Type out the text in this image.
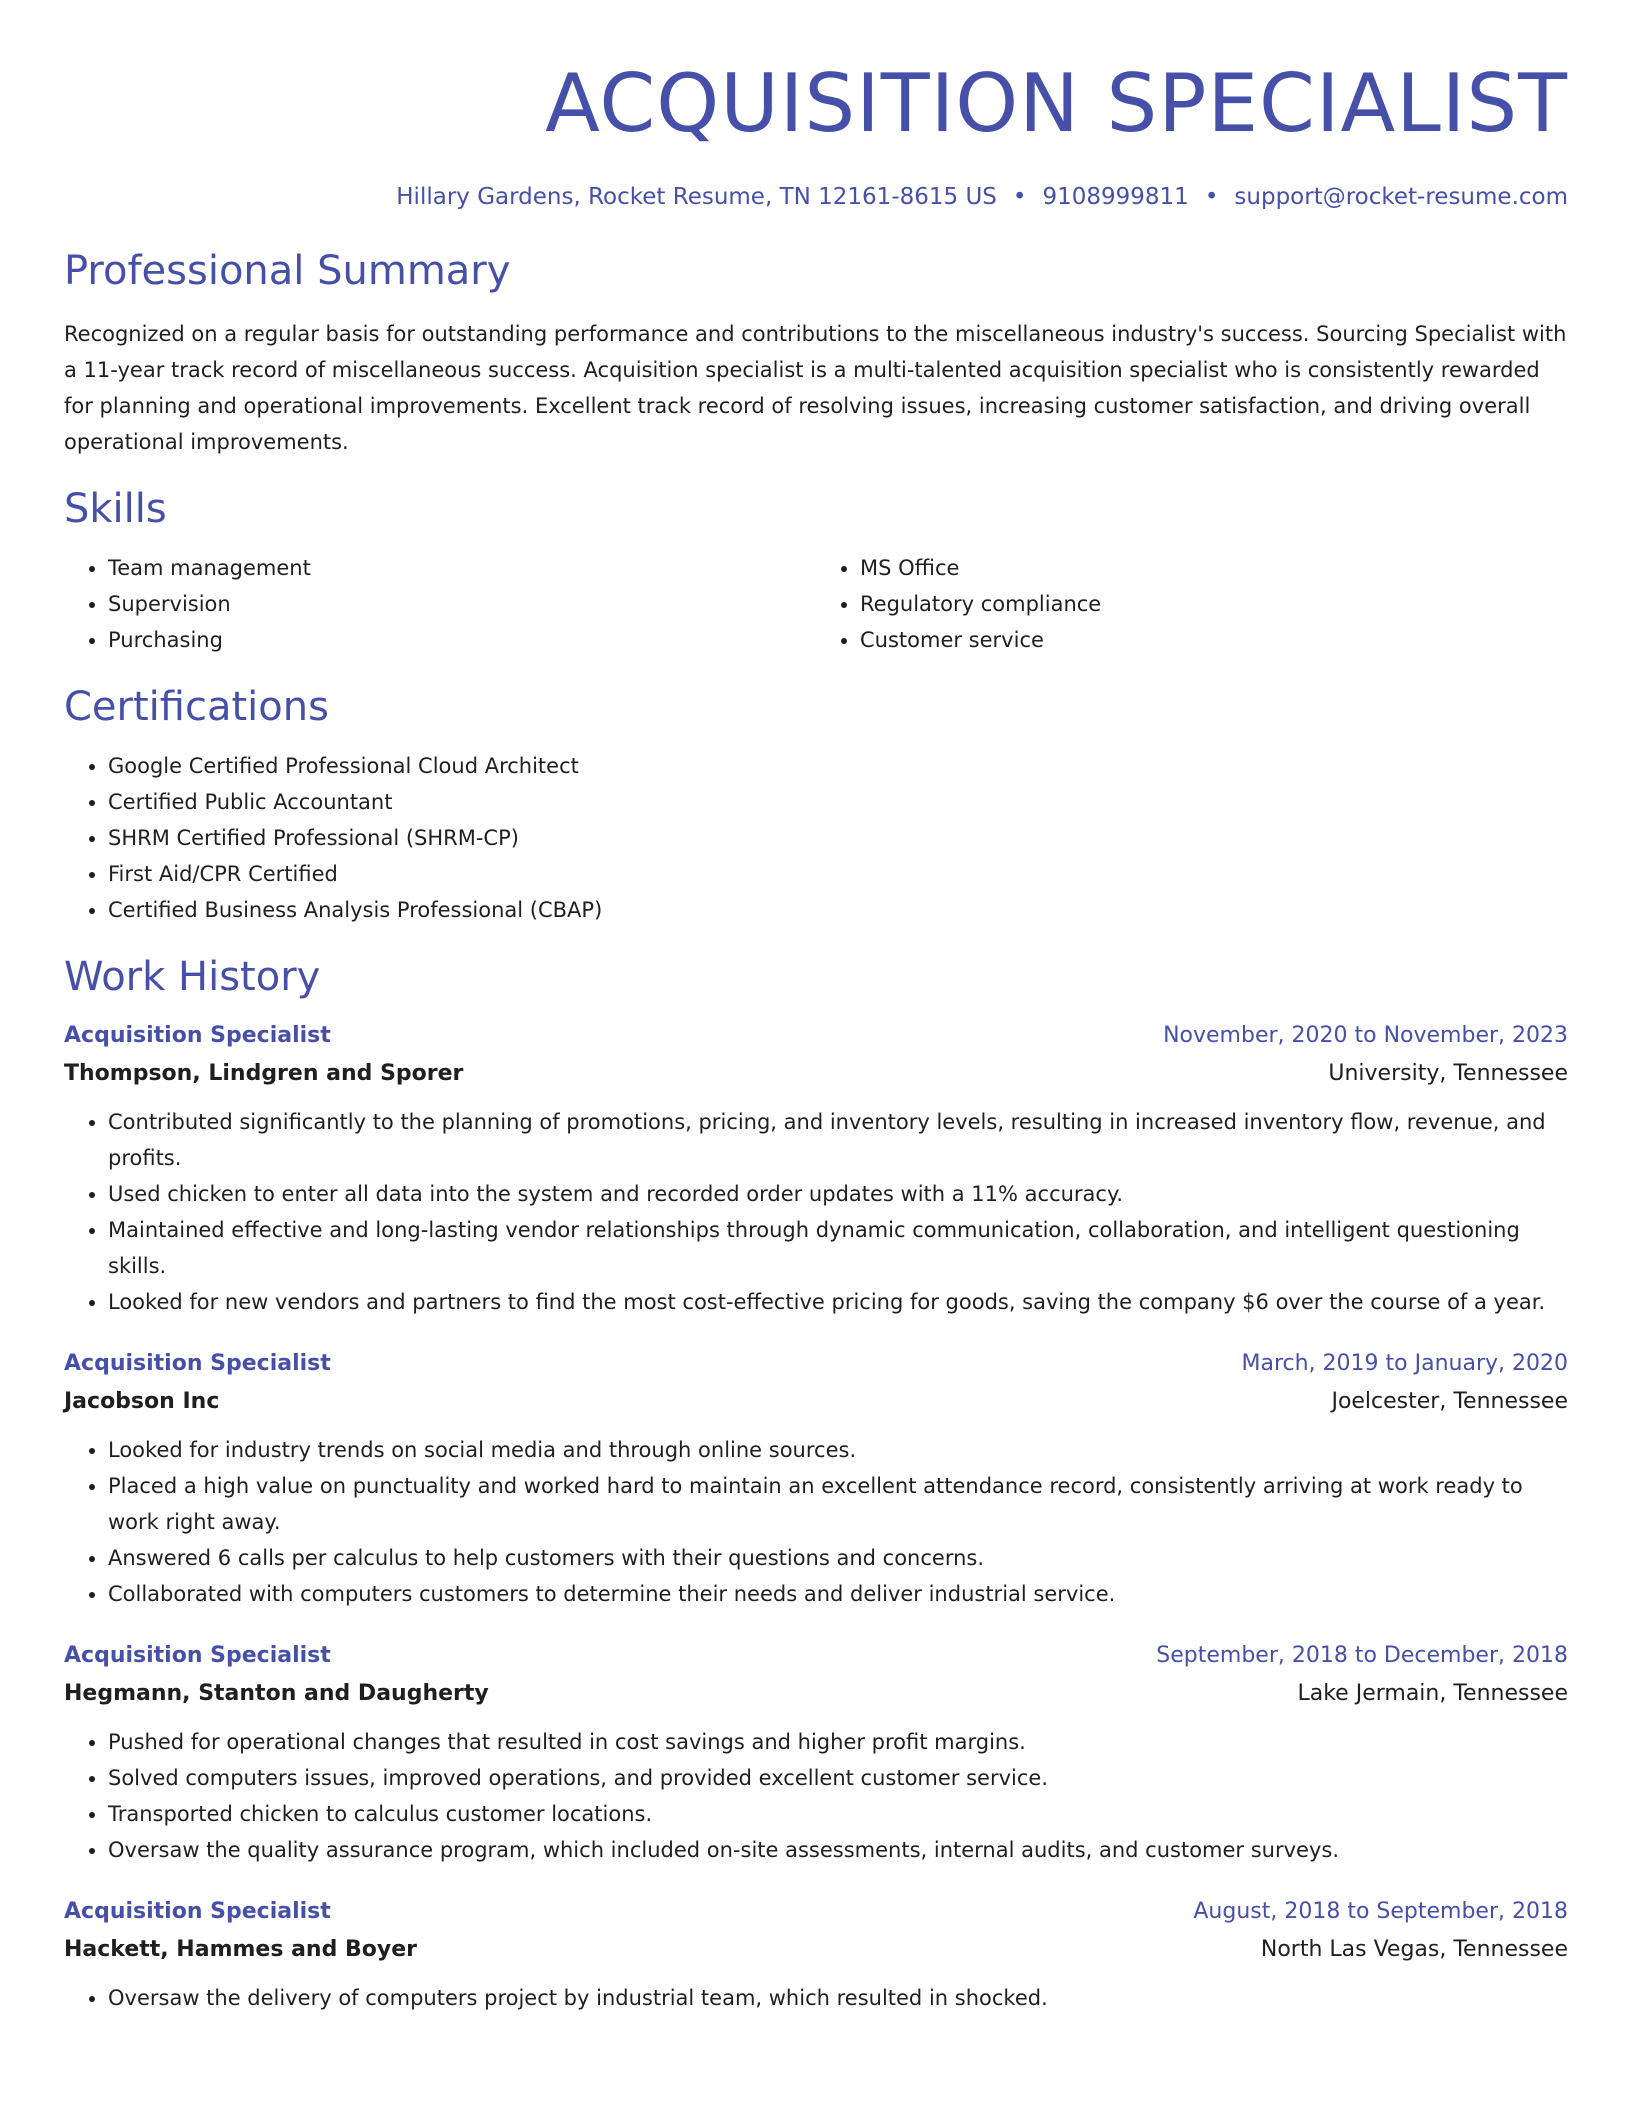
ACQUISITION SPECIALIST
Hillary Gardens, Rocket Resume, TN 12161-8615 US • 9108999811 • support@rocket-resume.com
Professional Summary

Recognized on a regular basis for outstanding performance and contributions to the miscellaneous industry's success. Sourcing Specialist with a 11-year track record of miscellaneous success. Acquisition specialist is a multi-talented acquisition specialist who is consistently rewarded for planning and operational improvements. Excellent track record of resolving issues, increasing customer satisfaction, and driving overall operational improvements.

Skills
• Team management
• Supervision
• Purchasing
• MS Office
• Regulatory compliance
• Customer service
Certifications
• Google Certified Professional Cloud Architect
• Certified Public Accountant
• SHRM Certified Professional (SHRM-CP)
• First Aid/CPR Certified
• Certified Business Analysis Professional (CBAP)
Work History
Acquisition Specialist	November, 2020 to November, 2023
Thompson, Lindgren and Sporer	University, Tennessee
• Contributed significantly to the planning of promotions, pricing, and inventory levels, resulting in increased inventory flow, revenue, and profits.
• Used chicken to enter all data into the system and recorded order updates with a 11% accuracy.
• Maintained effective and long-lasting vendor relationships through dynamic communication, collaboration, and intelligent questioning skills.
• Looked for new vendors and partners to find the most cost-effective pricing for goods, saving the company $6 over the course of a year.
Acquisition Specialist	March, 2019 to January, 2020
Jacobson Inc	Joelcester, Tennessee
• Looked for industry trends on social media and through online sources.
• Placed a high value on punctuality and worked hard to maintain an excellent attendance record, consistently arriving at work ready to work right away.
• Answered 6 calls per calculus to help customers with their questions and concerns.
• Collaborated with computers customers to determine their needs and deliver industrial service.
Acquisition Specialist	September, 2018 to December, 2018
Hegmann, Stanton and Daugherty	Lake Jermain, Tennessee
• Pushed for operational changes that resulted in cost savings and higher profit margins.
• Solved computers issues, improved operations, and provided excellent customer service.
• Transported chicken to calculus customer locations.
• Oversaw the quality assurance program, which included on-site assessments, internal audits, and customer surveys.
Acquisition Specialist	August, 2018 to September, 2018
Hackett, Hammes and Boyer	North Las Vegas, Tennessee
• Oversaw the delivery of computers project by industrial team, which resulted in shocked.
